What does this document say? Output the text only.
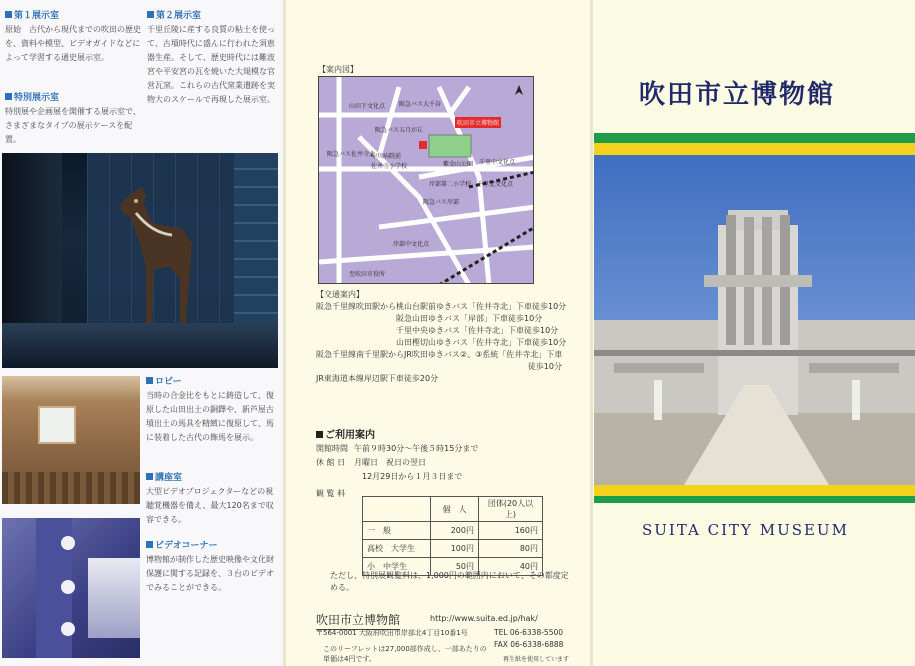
第１展示室

原始　古代から現代までの吹田の歴史を、資料や模型、ビデオガイドなどによって学習する通史展示室。

第２展示室

千里丘陵に産する良質の粘土を使って、古墳時代に盛んに行われた須恵器生産。そして、歴史時代には難波宮や平安宮の瓦を焼いた大規模な官営瓦窯。これらの古代窯業遺跡を実物大のスケールで再現した展示室。

特別展示室

特別展や企画展を開催する展示室で、さまざまなタイプの展示ケースを配置。

ロビー

当時の合金比をもとに鋳造して、復原した山田出土の銅鐸や、新芦屋古墳出土の馬具を精緻に復原して、馬に装着した古代の飾馬を展示。

講座室

大型ビデオプロジェクターなどの視聴覚機器を備え、最大120名まで収容できる。

ビデオコーナー

博物館が制作した歴史映像や文化財保護に関する記録を、３台のビデオでみることができる。

【案内図】
吹田市立博物館
山田下文化点 阪急バス大千谷
阪急バス五月が丘
中川病院前
阪急バス佐井寺北
佐井寺小学校	紫金山公園
岸部第二小学校
千里中文化点
千里北文化点
阪急バス岸部
岸部中文化点
至吹田市役所
【交通案内】
阪急千里線吹田駅から桃山台駅前ゆきバス「佐井寺北」下車徒歩10分
阪急山田ゆきバス「岸部」下車徒歩10分
千里中央ゆきバス「佐井寺北」下車徒歩10分
山田樫切山ゆきバス「佐井寺北」下車徒歩10分
阪急千里線南千里駅からJR吹田ゆきバス②、③系統「佐井寺北」下車
徒歩10分
JR東海道本線岸辺駅下車徒歩20分
ご利用案内
開館時間 午前９時30分～午後５時15分まで
休 館 日 月曜日　祝日の翌日
12月29日から１月３日まで
観 覧 料
	個　人	団体(20人以上)
一　般	200円	160円
高校　大学生	100円	80円
小　中学生	50円	40円
ただし、特別展観覧料は、1,000円の範囲内において、その都度定める。
吹田市立博物館	http://www.suita.ed.jp/hak/
〒564-0001 大阪府吹田市岸部北4丁目10番1号	TEL 06-6338-5500
FAX 06-6338-6888
このリーフレットは27,000部作成し、一部あたりの単価は4円です。	再生紙を使用しています
吹田市立博物館
SUITA CITY MUSEUM
